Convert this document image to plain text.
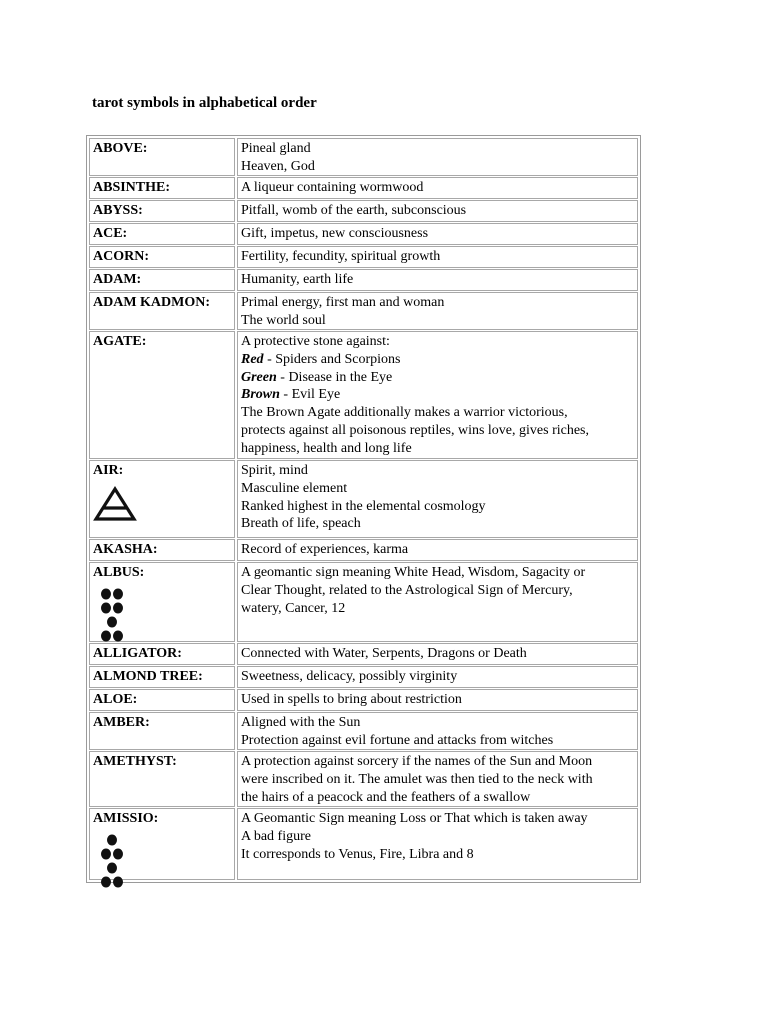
tarot symbols in alphabetical order
ABOVE:	Pineal gland
Heaven, God
ABSINTHE:	A liqueur containing wormwood
ABYSS:	Pitfall, womb of the earth, subconscious
ACE:	Gift, impetus, new consciousness
ACORN:	Fertility, fecundity, spiritual growth
ADAM:	Humanity, earth life
ADAM KADMON:	Primal energy, first man and woman
The world soul
AGATE:	A protective stone against:
Red - Spiders and Scorpions
Green - Disease in the Eye
Brown - Evil Eye
The Brown Agate additionally makes a warrior victorious,
protects against all poisonous reptiles, wins love, gives riches,
happiness, health and long life
AIR:	Spirit, mind
Masculine element
Ranked highest in the elemental cosmology
Breath of life, speach
AKASHA:	Record of experiences, karma
ALBUS:	A geomantic sign meaning White Head, Wisdom, Sagacity or
Clear Thought, related to the Astrological Sign of Mercury,
watery, Cancer, 12
ALLIGATOR:	Connected with Water, Serpents, Dragons or Death
ALMOND TREE:	Sweetness, delicacy, possibly virginity
ALOE:	Used in spells to bring about restriction
AMBER:	Aligned with the Sun
Protection against evil fortune and attacks from witches
AMETHYST:	A protection against sorcery if the names of the Sun and Moon
were inscribed on it. The amulet was then tied to the neck with
the hairs of a peacock and the feathers of a swallow
AMISSIO:	A Geomantic Sign meaning Loss or That which is taken away
A bad figure
It corresponds to Venus, Fire, Libra and 8
